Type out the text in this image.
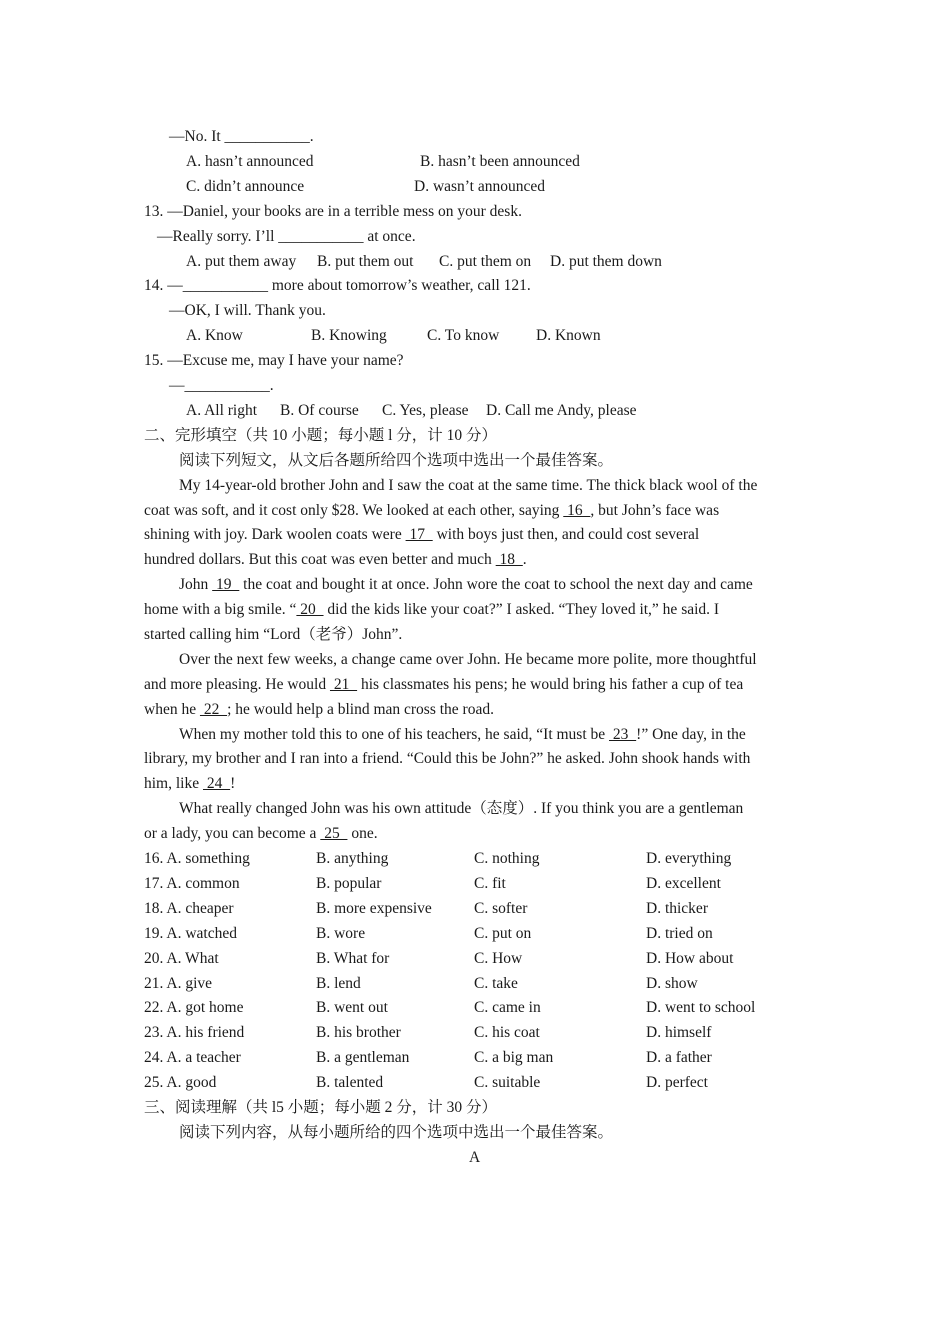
—No. It ___________.
A. hasn’t announced	B. hasn’t been announced
C. didn’t announce	D. wasn’t announced
13. —Daniel, your books are in a terrible mess on your desk.
—Really sorry. I’ll ___________ at once.
A. put them away B. put them out C. put them on D. put them down
14. —___________ more about tomorrow’s weather, call 121.
—OK, I will. Thank you.
A. Know	B. Knowing	C. To know D. Known
15. —Excuse me, may I have your name?
—___________.
A. All right B. Of course C. Yes, please D. Call me Andy, please
二、完形填空（共 10 小题；每小题 l 分，计 10 分）
阅读下列短文，从文后各题所给四个选项中选出一个最佳答案。
My 14-year-old brother John and I saw the coat at the same time. The thick black wool of the
coat was soft, and it cost only $28. We looked at each other, saying  16  , but John’s face was
shining with joy. Dark woolen coats were  17   with boys just then, and could cost several
hundred dollars. But this coat was even better and much  18  .
John  19   the coat and bought it at once. John wore the coat to school the next day and came
home with a big smile. “ 20   did the kids like your coat?” I asked. “They loved it,” he said. I
started calling him “Lord（老爷）John”.
Over the next few weeks, a change came over John. He became more polite, more thoughtful
and more pleasing. He would  21   his classmates his pens; he would bring his father a cup of tea
when he  22  ; he would help a blind man cross the road.
When my mother told this to one of his teachers, he said, “It must be  23  !” One day, in the
library, my brother and I ran into a friend. “Could this be John?” he asked. John shook hands with
him, like  24  !
What really changed John was his own attitude（态度）. If you think you are a gentleman
or a lady, you can become a  25   one.
16. A. something	B. anything	C. nothing	D. everything
17. A. common	B. popular	C. fit	D. excellent
18. A. cheaper	B. more expensive	C. softer	D. thicker
19. A. watched	B. wore	C. put on	D. tried on
20. A. What	B. What for	C. How	D. How about
21. A. give	B. lend	C. take	D. show
22. A. got home	B. went out	C. came in	D. went to school
23. A. his friend	B. his brother	C. his coat	D. himself
24. A. a teacher	B. a gentleman	C. a big man	D. a father
25. A. good	B. talented	C. suitable	D. perfect
三、阅读理解（共 l5 小题；每小题 2 分，计 30 分）
阅读下列内容，从每小题所给的四个选项中选出一个最佳答案。
A
